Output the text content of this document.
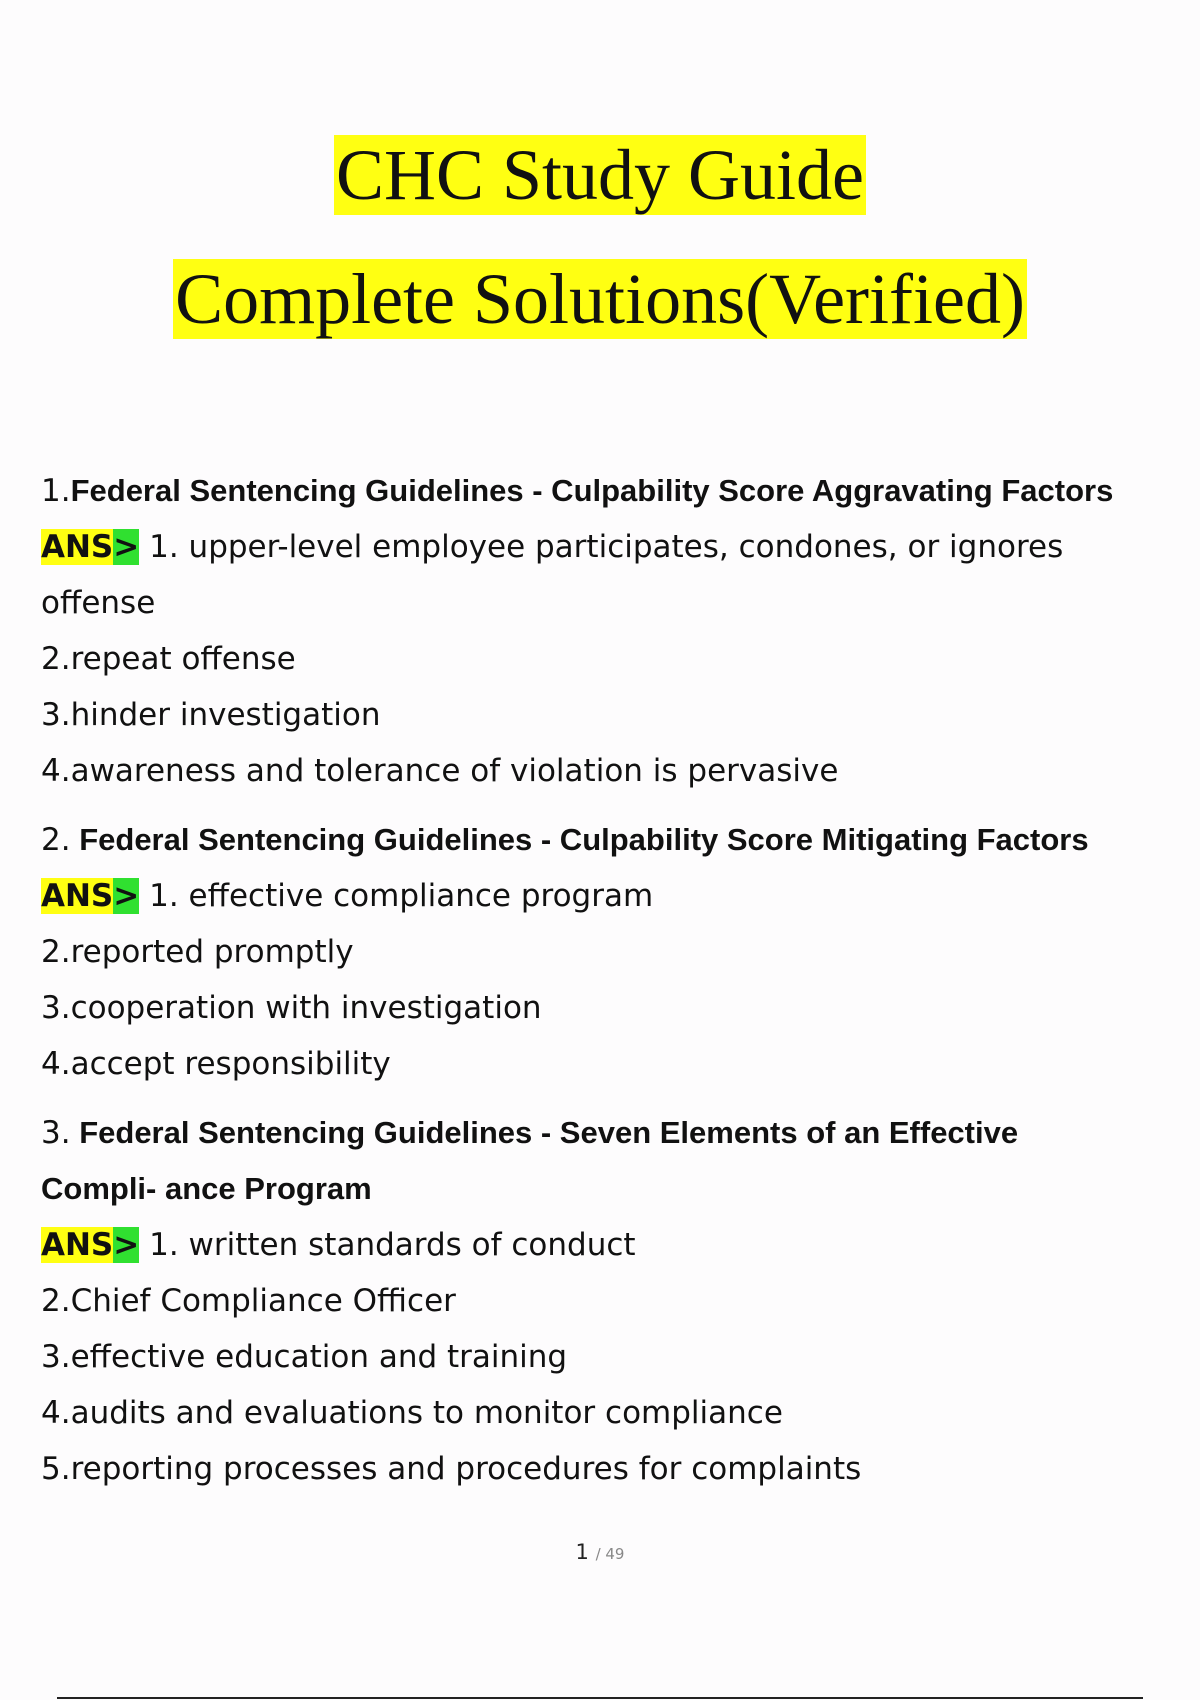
CHC Study Guide
Complete Solutions(Verified)
1.Federal Sentencing Guidelines - Culpability Score Aggravating Factors
ANS> 1. upper-level employee participates, condones, or ignores offense
2.repeat offense
3.hinder investigation
4.awareness and tolerance of violation is pervasive
2. Federal Sentencing Guidelines - Culpability Score Mitigating Factors
ANS> 1. effective compliance program
2.reported promptly
3.cooperation with investigation
4.accept responsibility
3. Federal Sentencing Guidelines - Seven Elements of an Effective Compli- ance Program
ANS> 1. written standards of conduct
2.Chief Compliance Officer
3.effective education and training
4.audits and evaluations to monitor compliance
5.reporting processes and procedures for complaints
1 / 49
